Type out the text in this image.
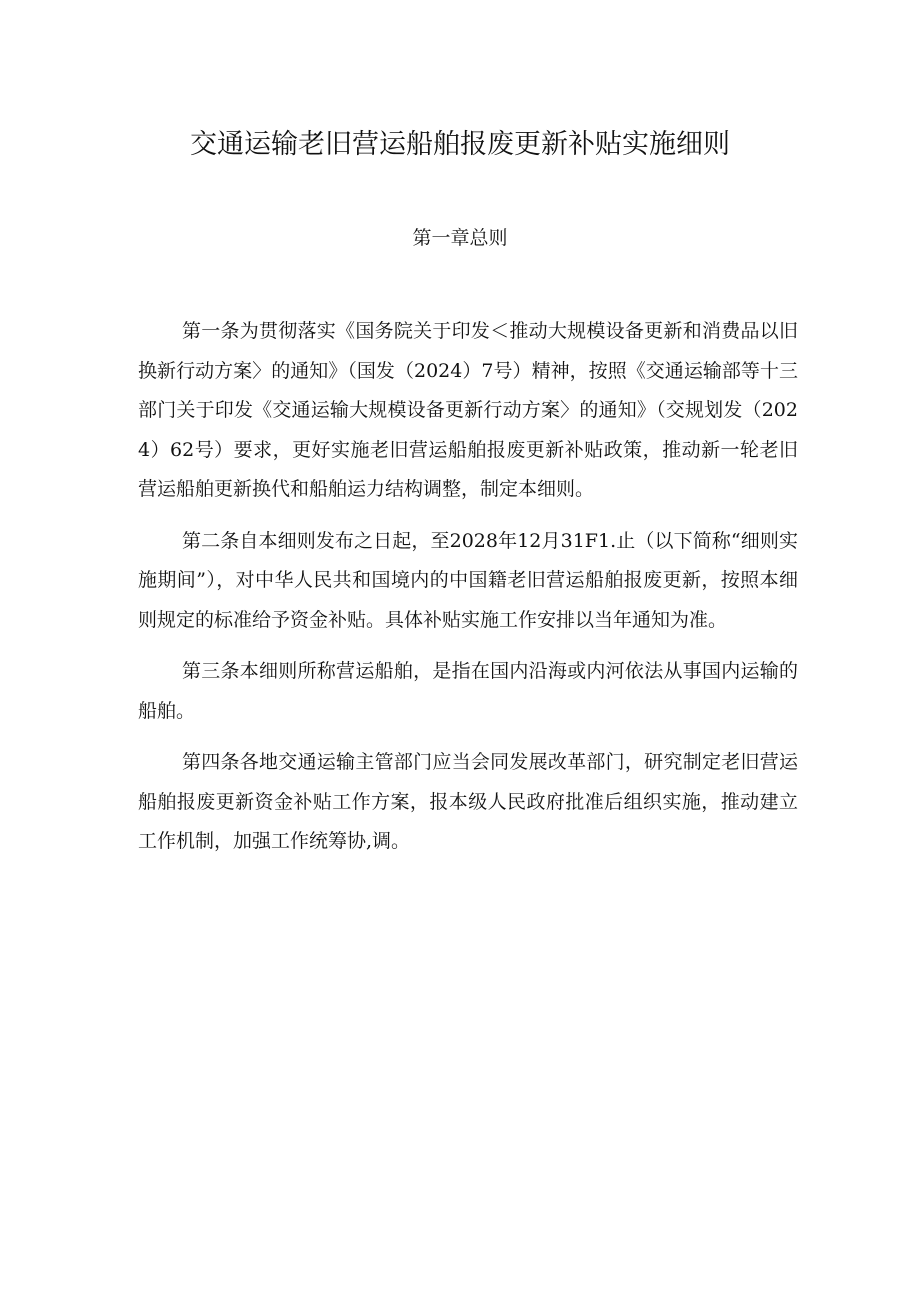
交通运输老旧营运船舶报废更新补贴实施细则
第一章总则

第一条为贯彻落实《国务院关于印发＜推动大规模设备更新和消费品以旧换新行动方案〉的通知》（国发（2024）7号）精神，按照《交通运输部等十三部门关于印发《交通运输大规模设备更新行动方案〉的通知》（交规划发（2024）62号）要求，更好实施老旧营运船舶报废更新补贴政策，推动新一轮老旧营运船舶更新换代和船舶运力结构调整，制定本细则。

第二条自本细则发布之日起，至2028年12月31F1.止（以下简称“细则实施期间”），对中华人民共和国境内的中国籍老旧营运船舶报废更新，按照本细则规定的标准给予资金补贴。具体补贴实施工作安排以当年通知为准。

第三条本细则所称营运船舶，是指在国内沿海或内河依法从事国内运输的船舶。

第四条各地交通运输主管部门应当会同发展改革部门，研究制定老旧营运船舶报废更新资金补贴工作方案，报本级人民政府批准后组织实施，推动建立工作机制，加强工作统筹协,调。
